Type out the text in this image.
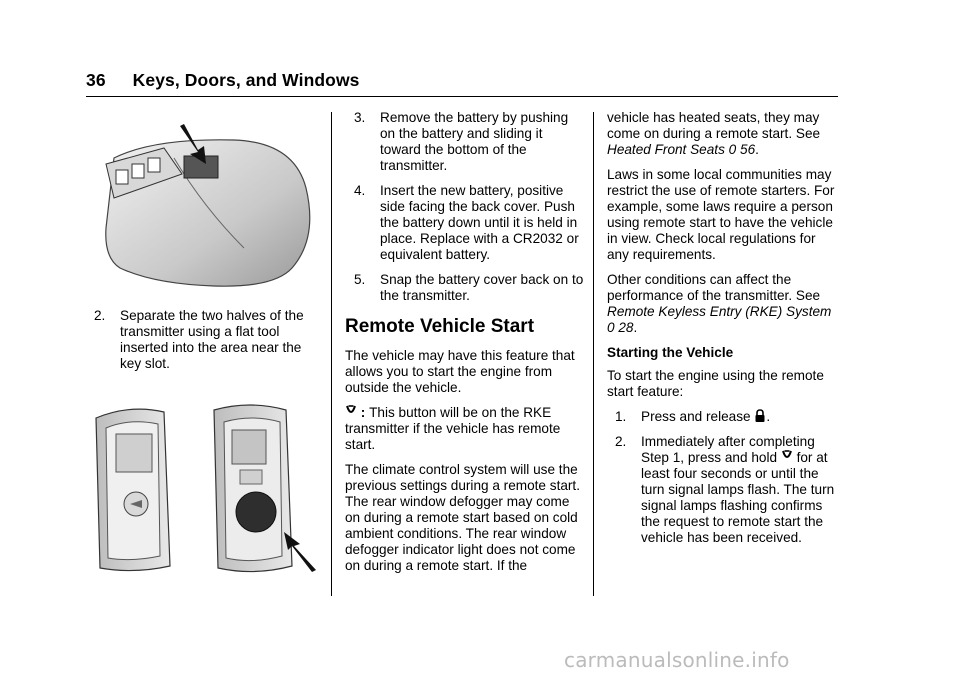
36 Keys, Doors, and Windows
2. Separate the two halves of the transmitter using a flat tool inserted into the area near the key slot.
3. Remove the battery by pushing on the battery and sliding it toward the bottom of the transmitter.
4. Insert the new battery, positive side facing the back cover. Push the battery down until it is held in place. Replace with a CR2032 or equivalent battery.
5. Snap the battery cover back on to the transmitter.
Remote Vehicle Start

The vehicle may have this feature that allows you to start the engine from outside the vehicle.

: This button will be on the RKE transmitter if the vehicle has remote start.

The climate control system will use the previous settings during a remote start. The rear window defogger may come on during a remote start based on cold ambient conditions. The rear window defogger indicator light does not come on during a remote start. If the

vehicle has heated seats, they may come on during a remote start. See Heated Front Seats 0 56.

Laws in some local communities may restrict the use of remote starters. For example, some laws require a person using remote start to have the vehicle in view. Check local regulations for any requirements.

Other conditions can affect the performance of the transmitter. See Remote Keyless Entry (RKE) System 0 28.

Starting the Vehicle

To start the engine using the remote start feature:

1. Press and release .
2. Immediately after completing Step 1, press and hold  for at least four seconds or until the turn signal lamps flash. The turn signal lamps flashing confirms the request to remote start the vehicle has been received.
carmanualsonline.info
